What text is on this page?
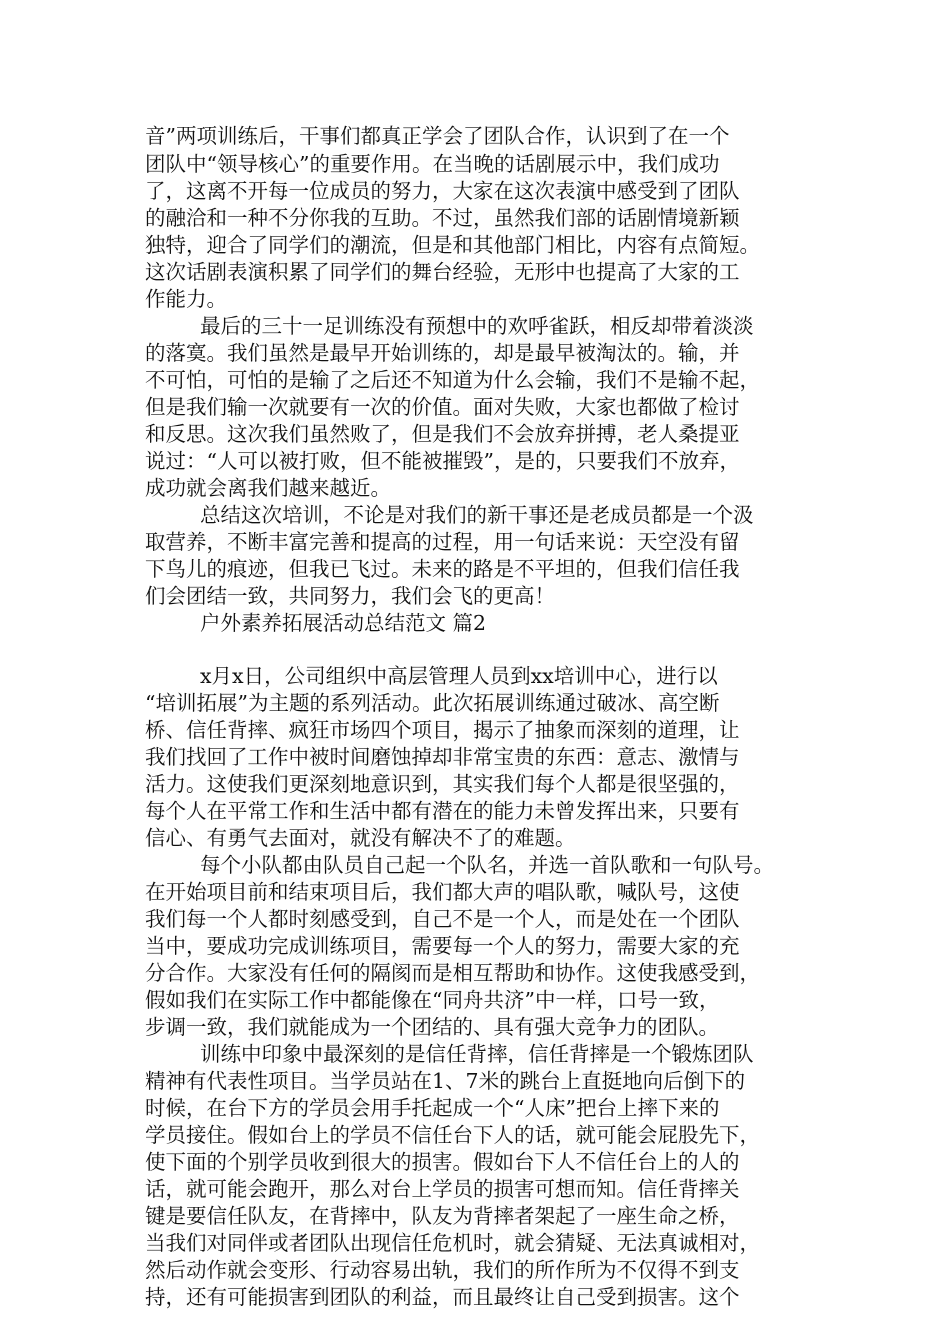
音”两项训练后，干事们都真正学会了团队合作，认识到了在一个
团队中“领导核心”的重要作用。在当晚的话剧展示中，我们成功
了，这离不开每一位成员的努力，大家在这次表演中感受到了团队
的融洽和一种不分你我的互助。不过，虽然我们部的话剧情境新颖
独特，迎合了同学们的潮流，但是和其他部门相比，内容有点简短。
这次话剧表演积累了同学们的舞台经验，无形中也提高了大家的工
作能力。
最后的三十一足训练没有预想中的欢呼雀跃，相反却带着淡淡
的落寞。我们虽然是最早开始训练的，却是最早被淘汰的。输，并
不可怕，可怕的是输了之后还不知道为什么会输，我们不是输不起，
但是我们输一次就要有一次的价值。面对失败，大家也都做了检讨
和反思。这次我们虽然败了，但是我们不会放弃拼搏，老人桑提亚
说过：“人可以被打败，但不能被摧毁”，是的，只要我们不放弃，
成功就会离我们越来越近。
总结这次培训，不论是对我们的新干事还是老成员都是一个汲
取营养，不断丰富完善和提高的过程，用一句话来说：天空没有留
下鸟儿的痕迹，但我已飞过。未来的路是不平坦的，但我们信任我
们会团结一致，共同努力，我们会飞的更高！
户外素养拓展活动总结范文 篇2
x月x日，公司组织中高层管理人员到xx培训中心，进行以
“培训拓展”为主题的系列活动。此次拓展训练通过破冰、高空断
桥、信任背摔、疯狂市场四个项目，揭示了抽象而深刻的道理，让
我们找回了工作中被时间磨蚀掉却非常宝贵的东西：意志、激情与
活力。这使我们更深刻地意识到，其实我们每个人都是很坚强的，
每个人在平常工作和生活中都有潜在的能力未曾发挥出来，只要有
信心、有勇气去面对，就没有解决不了的难题。
每个小队都由队员自己起一个队名，并选一首队歌和一句队号。
在开始项目前和结束项目后，我们都大声的唱队歌，喊队号，这使
我们每一个人都时刻感受到，自己不是一个人，而是处在一个团队
当中，要成功完成训练项目，需要每一个人的努力，需要大家的充
分合作。大家没有任何的隔阂而是相互帮助和协作。这使我感受到，
假如我们在实际工作中都能像在“同舟共济”中一样，口号一致，
步调一致，我们就能成为一个团结的、具有强大竞争力的团队。
训练中印象中最深刻的是信任背摔，信任背摔是一个锻炼团队
精神有代表性项目。当学员站在1、7米的跳台上直挺地向后倒下的
时候，在台下方的学员会用手托起成一个“人床”把台上摔下来的
学员接住。假如台上的学员不信任台下人的话，就可能会屁股先下，
使下面的个别学员收到很大的损害。假如台下人不信任台上的人的
话，就可能会跑开，那么对台上学员的损害可想而知。信任背摔关
键是要信任队友，在背摔中，队友为背摔者架起了一座生命之桥，
当我们对同伴或者团队出现信任危机时，就会猜疑、无法真诚相对，
然后动作就会变形、行动容易出轨，我们的所作所为不仅得不到支
持，还有可能损害到团队的利益，而且最终让自己受到损害。这个
